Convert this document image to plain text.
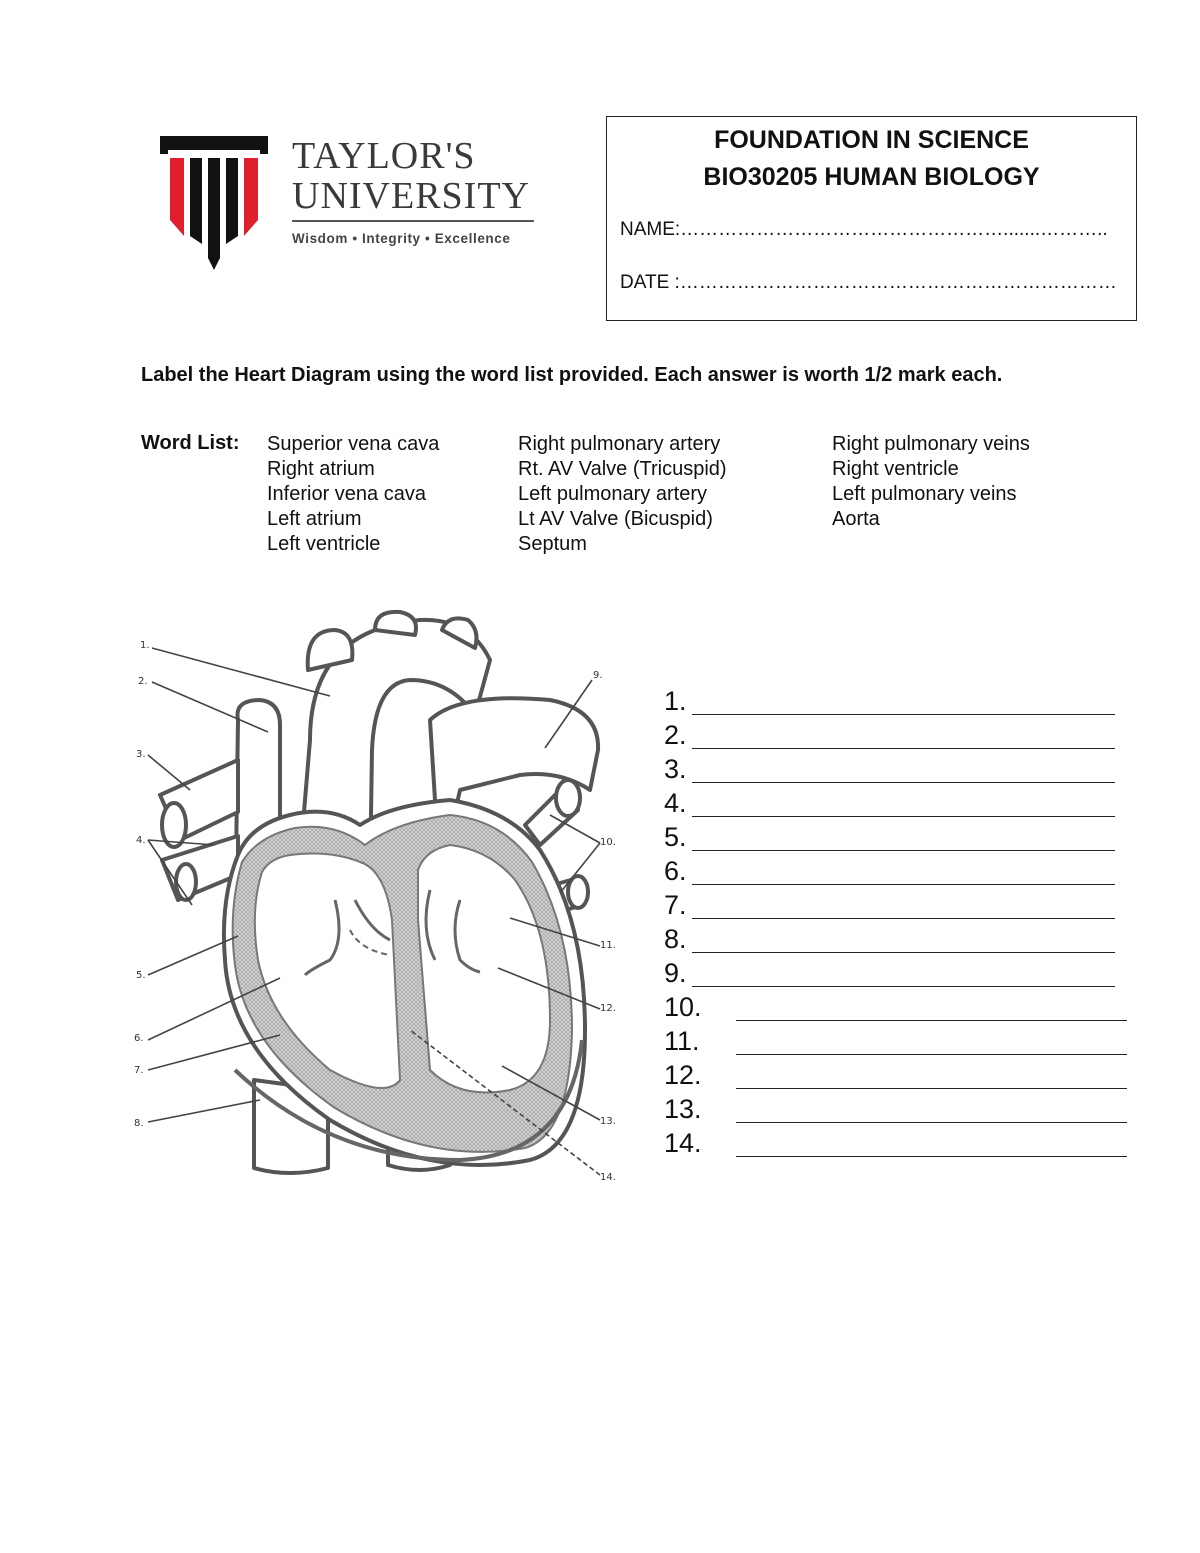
TAYLOR'S
UNIVERSITY
Wisdom • Integrity • Excellence
FOUNDATION IN SCIENCE
BIO30205 HUMAN BIOLOGY
NAME:…………………………………………….......………..
DATE :……………………………………………………………
Label the Heart Diagram using the word list provided. Each answer is worth 1/2 mark each.
Word List: Superior vena cava
Right atrium
Inferior vena cava
Left atrium
Left ventricle
Right pulmonary artery
Rt. AV Valve (Tricuspid)
Left pulmonary artery
Lt AV Valve (Bicuspid)
Septum
Right pulmonary veins
Right ventricle
Left pulmonary veins
Aorta
1.
2.
3.
4.
5.
6.
7.
8.
9.
10.
11.
12.
13.
14.
1.
2.
3.
4.
5.
6.
7.
8.
9.
10.
11.
12.
13.
14.
